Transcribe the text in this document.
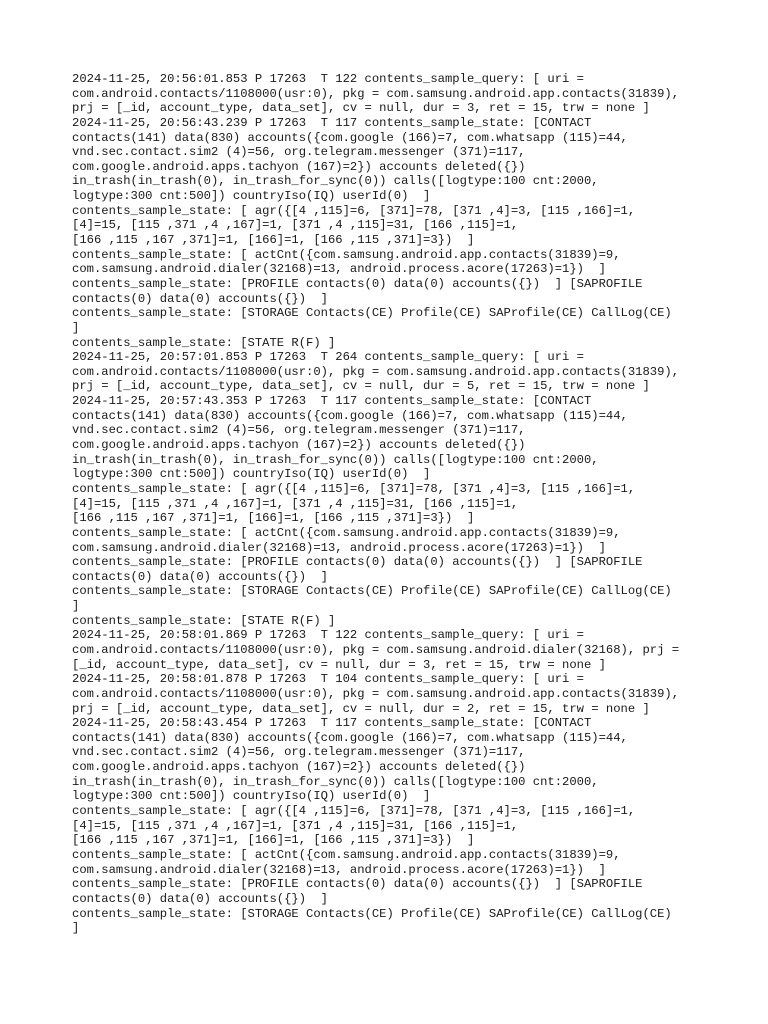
2024-11-25, 20:56:01.853 P 17263  T 122 contents_sample_query: [ uri =
com.android.contacts/1108000(usr:0), pkg = com.samsung.android.app.contacts(31839),
prj = [_id, account_type, data_set], cv = null, dur = 3, ret = 15, trw = none ]
2024-11-25, 20:56:43.239 P 17263  T 117 contents_sample_state: [CONTACT
contacts(141) data(830) accounts({com.google (166)=7, com.whatsapp (115)=44,
vnd.sec.contact.sim2 (4)=56, org.telegram.messenger (371)=117,
com.google.android.apps.tachyon (167)=2}) accounts deleted({})
in_trash(in_trash(0), in_trash_for_sync(0)) calls([logtype:100 cnt:2000,
logtype:300 cnt:500]) countryIso(IQ) userId(0)  ]
contents_sample_state: [ agr({[4 ,115]=6, [371]=78, [371 ,4]=3, [115 ,166]=1,
[4]=15, [115 ,371 ,4 ,167]=1, [371 ,4 ,115]=31, [166 ,115]=1,
[166 ,115 ,167 ,371]=1, [166]=1, [166 ,115 ,371]=3})  ]
contents_sample_state: [ actCnt({com.samsung.android.app.contacts(31839)=9,
com.samsung.android.dialer(32168)=13, android.process.acore(17263)=1})  ]
contents_sample_state: [PROFILE contacts(0) data(0) accounts({})  ] [SAPROFILE
contacts(0) data(0) accounts({})  ]
contents_sample_state: [STORAGE Contacts(CE) Profile(CE) SAProfile(CE) CallLog(CE)
]
contents_sample_state: [STATE R(F) ]
2024-11-25, 20:57:01.853 P 17263  T 264 contents_sample_query: [ uri =
com.android.contacts/1108000(usr:0), pkg = com.samsung.android.app.contacts(31839),
prj = [_id, account_type, data_set], cv = null, dur = 5, ret = 15, trw = none ]
2024-11-25, 20:57:43.353 P 17263  T 117 contents_sample_state: [CONTACT
contacts(141) data(830) accounts({com.google (166)=7, com.whatsapp (115)=44,
vnd.sec.contact.sim2 (4)=56, org.telegram.messenger (371)=117,
com.google.android.apps.tachyon (167)=2}) accounts deleted({})
in_trash(in_trash(0), in_trash_for_sync(0)) calls([logtype:100 cnt:2000,
logtype:300 cnt:500]) countryIso(IQ) userId(0)  ]
contents_sample_state: [ agr({[4 ,115]=6, [371]=78, [371 ,4]=3, [115 ,166]=1,
[4]=15, [115 ,371 ,4 ,167]=1, [371 ,4 ,115]=31, [166 ,115]=1,
[166 ,115 ,167 ,371]=1, [166]=1, [166 ,115 ,371]=3})  ]
contents_sample_state: [ actCnt({com.samsung.android.app.contacts(31839)=9,
com.samsung.android.dialer(32168)=13, android.process.acore(17263)=1})  ]
contents_sample_state: [PROFILE contacts(0) data(0) accounts({})  ] [SAPROFILE
contacts(0) data(0) accounts({})  ]
contents_sample_state: [STORAGE Contacts(CE) Profile(CE) SAProfile(CE) CallLog(CE)
]
contents_sample_state: [STATE R(F) ]
2024-11-25, 20:58:01.869 P 17263  T 122 contents_sample_query: [ uri =
com.android.contacts/1108000(usr:0), pkg = com.samsung.android.dialer(32168), prj =
[_id, account_type, data_set], cv = null, dur = 3, ret = 15, trw = none ]
2024-11-25, 20:58:01.878 P 17263  T 104 contents_sample_query: [ uri =
com.android.contacts/1108000(usr:0), pkg = com.samsung.android.app.contacts(31839),
prj = [_id, account_type, data_set], cv = null, dur = 2, ret = 15, trw = none ]
2024-11-25, 20:58:43.454 P 17263  T 117 contents_sample_state: [CONTACT
contacts(141) data(830) accounts({com.google (166)=7, com.whatsapp (115)=44,
vnd.sec.contact.sim2 (4)=56, org.telegram.messenger (371)=117,
com.google.android.apps.tachyon (167)=2}) accounts deleted({})
in_trash(in_trash(0), in_trash_for_sync(0)) calls([logtype:100 cnt:2000,
logtype:300 cnt:500]) countryIso(IQ) userId(0)  ]
contents_sample_state: [ agr({[4 ,115]=6, [371]=78, [371 ,4]=3, [115 ,166]=1,
[4]=15, [115 ,371 ,4 ,167]=1, [371 ,4 ,115]=31, [166 ,115]=1,
[166 ,115 ,167 ,371]=1, [166]=1, [166 ,115 ,371]=3})  ]
contents_sample_state: [ actCnt({com.samsung.android.app.contacts(31839)=9,
com.samsung.android.dialer(32168)=13, android.process.acore(17263)=1})  ]
contents_sample_state: [PROFILE contacts(0) data(0) accounts({})  ] [SAPROFILE
contacts(0) data(0) accounts({})  ]
contents_sample_state: [STORAGE Contacts(CE) Profile(CE) SAProfile(CE) CallLog(CE)
]
